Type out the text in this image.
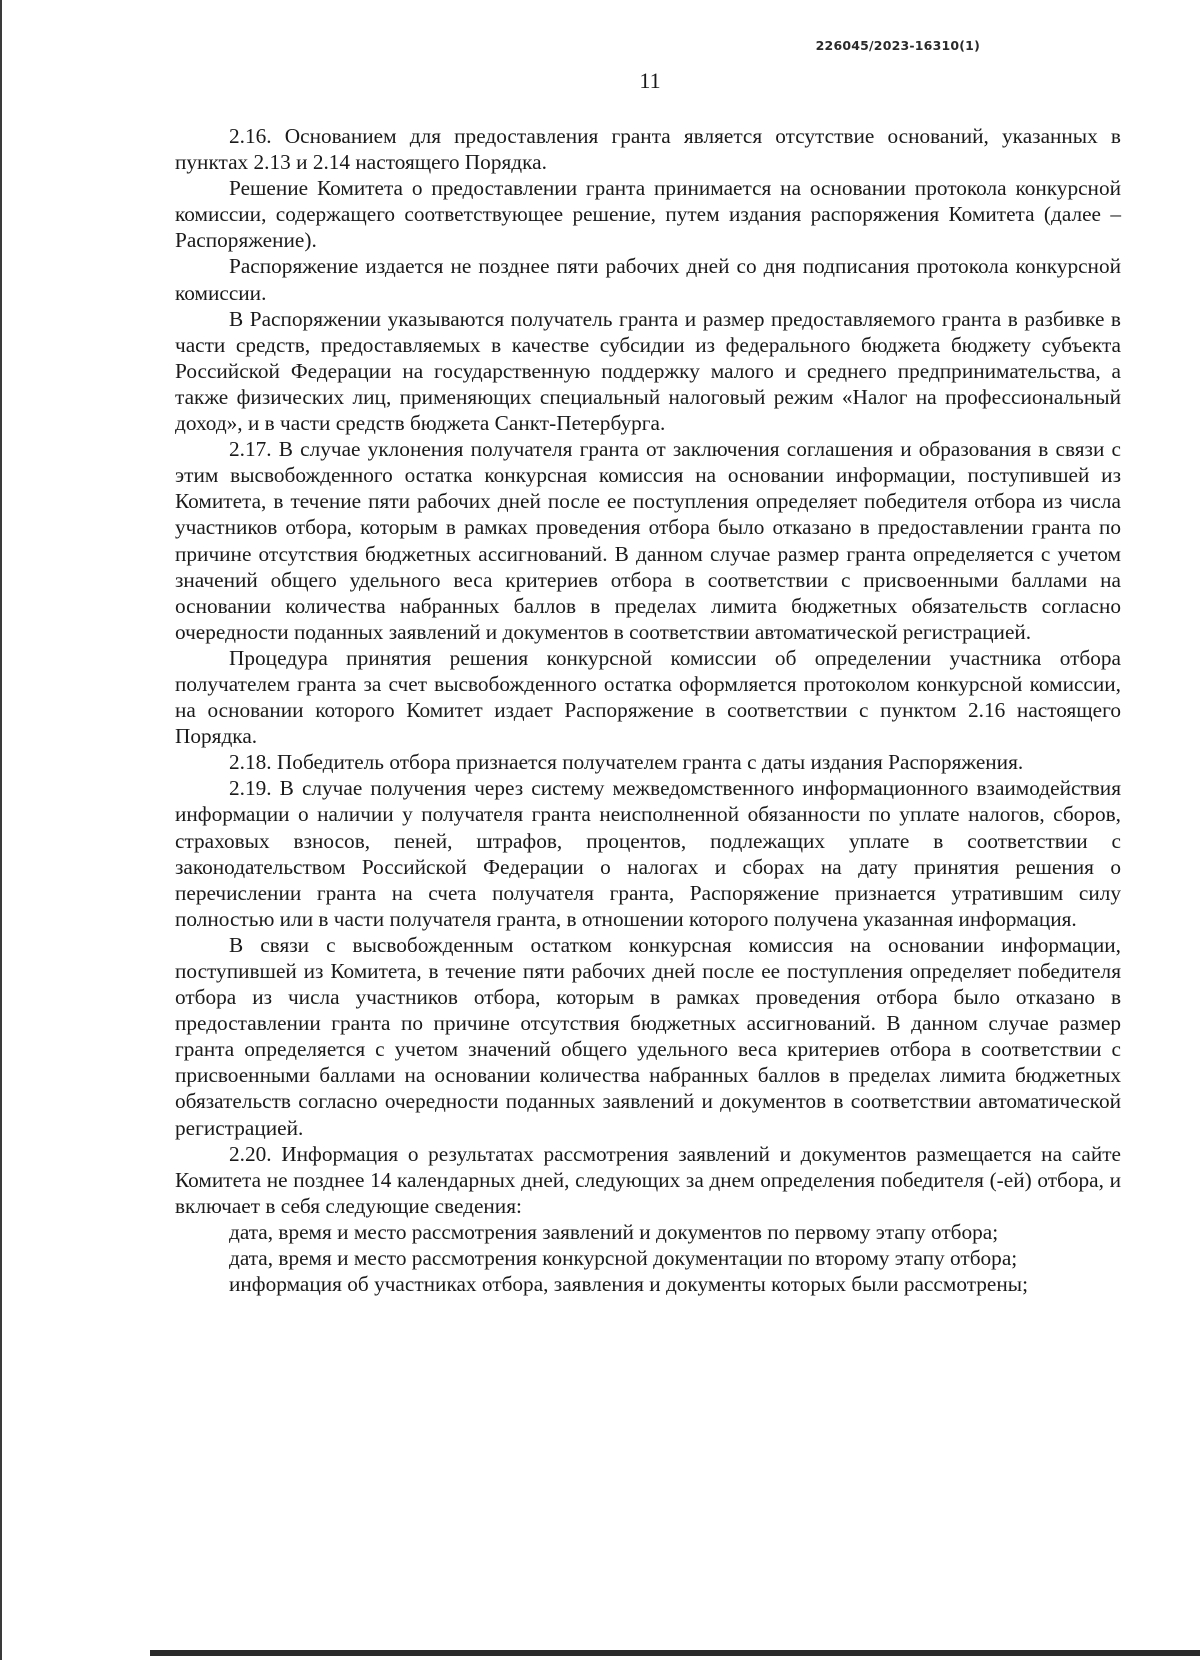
226045/2023-16310(1)
11

2.16. Основанием для предоставления гранта является отсутствие оснований, указанных в пунктах 2.13 и 2.14 настоящего Порядка.

Решение Комитета о предоставлении гранта принимается на основании протокола конкурсной комиссии, содержащего соответствующее решение, путем издания распоряжения Комитета (далее – Распоряжение).

Распоряжение издается не позднее пяти рабочих дней со дня подписания протокола конкурсной комиссии.

В Распоряжении указываются получатель гранта и размер предоставляемого гранта в разбивке в части средств, предоставляемых в качестве субсидии из федерального бюджета бюджету субъекта Российской Федерации на государственную поддержку малого и среднего предпринимательства, а также физических лиц, применяющих специальный налоговый режим «Налог на профессиональный доход», и в части средств бюджета Санкт-Петербурга.

2.17. В случае уклонения получателя гранта от заключения соглашения и образования в связи с этим высвобожденного остатка конкурсная комиссия на основании информации, поступившей из Комитета, в течение пяти рабочих дней после ее поступления определяет победителя отбора из числа участников отбора, которым в рамках проведения отбора было отказано в предоставлении гранта по причине отсутствия бюджетных ассигнований. В данном случае размер гранта определяется с учетом значений общего удельного веса критериев отбора в соответствии с присвоенными баллами на основании количества набранных баллов в пределах лимита бюджетных обязательств согласно очередности поданных заявлений и документов в соответствии автоматической регистрацией.

Процедура принятия решения конкурсной комиссии об определении участника отбора получателем гранта за счет высвобожденного остатка оформляется протоколом конкурсной комиссии, на основании которого Комитет издает Распоряжение в соответствии с пунктом 2.16 настоящего Порядка.

2.18. Победитель отбора признается получателем гранта с даты издания Распоряжения.

2.19. В случае получения через систему межведомственного информационного взаимодействия информации о наличии у получателя гранта неисполненной обязанности по уплате налогов, сборов, страховых взносов, пеней, штрафов, процентов, подлежащих уплате в соответствии с законодательством Российской Федерации о налогах и сборах на дату принятия решения о перечислении гранта на счета получателя гранта, Распоряжение признается утратившим силу полностью или в части получателя гранта, в отношении которого получена указанная информация.

В связи с высвобожденным остатком конкурсная комиссия на основании информации, поступившей из Комитета, в течение пяти рабочих дней после ее поступления определяет победителя отбора из числа участников отбора, которым в рамках проведения отбора было отказано в предоставлении гранта по причине отсутствия бюджетных ассигнований. В данном случае размер гранта определяется с учетом значений общего удельного веса критериев отбора в соответствии с присвоенными баллами на основании количества набранных баллов в пределах лимита бюджетных обязательств согласно очередности поданных заявлений и документов в соответствии автоматической регистрацией.

2.20. Информация о результатах рассмотрения заявлений и документов размещается на сайте Комитета не позднее 14 календарных дней, следующих за днем определения победителя (-ей) отбора, и включает в себя следующие сведения:

дата, время и место рассмотрения заявлений и документов по первому этапу отбора;

дата, время и место рассмотрения конкурсной документации по второму этапу отбора;

информация об участниках отбора, заявления и документы которых были рассмотрены;
